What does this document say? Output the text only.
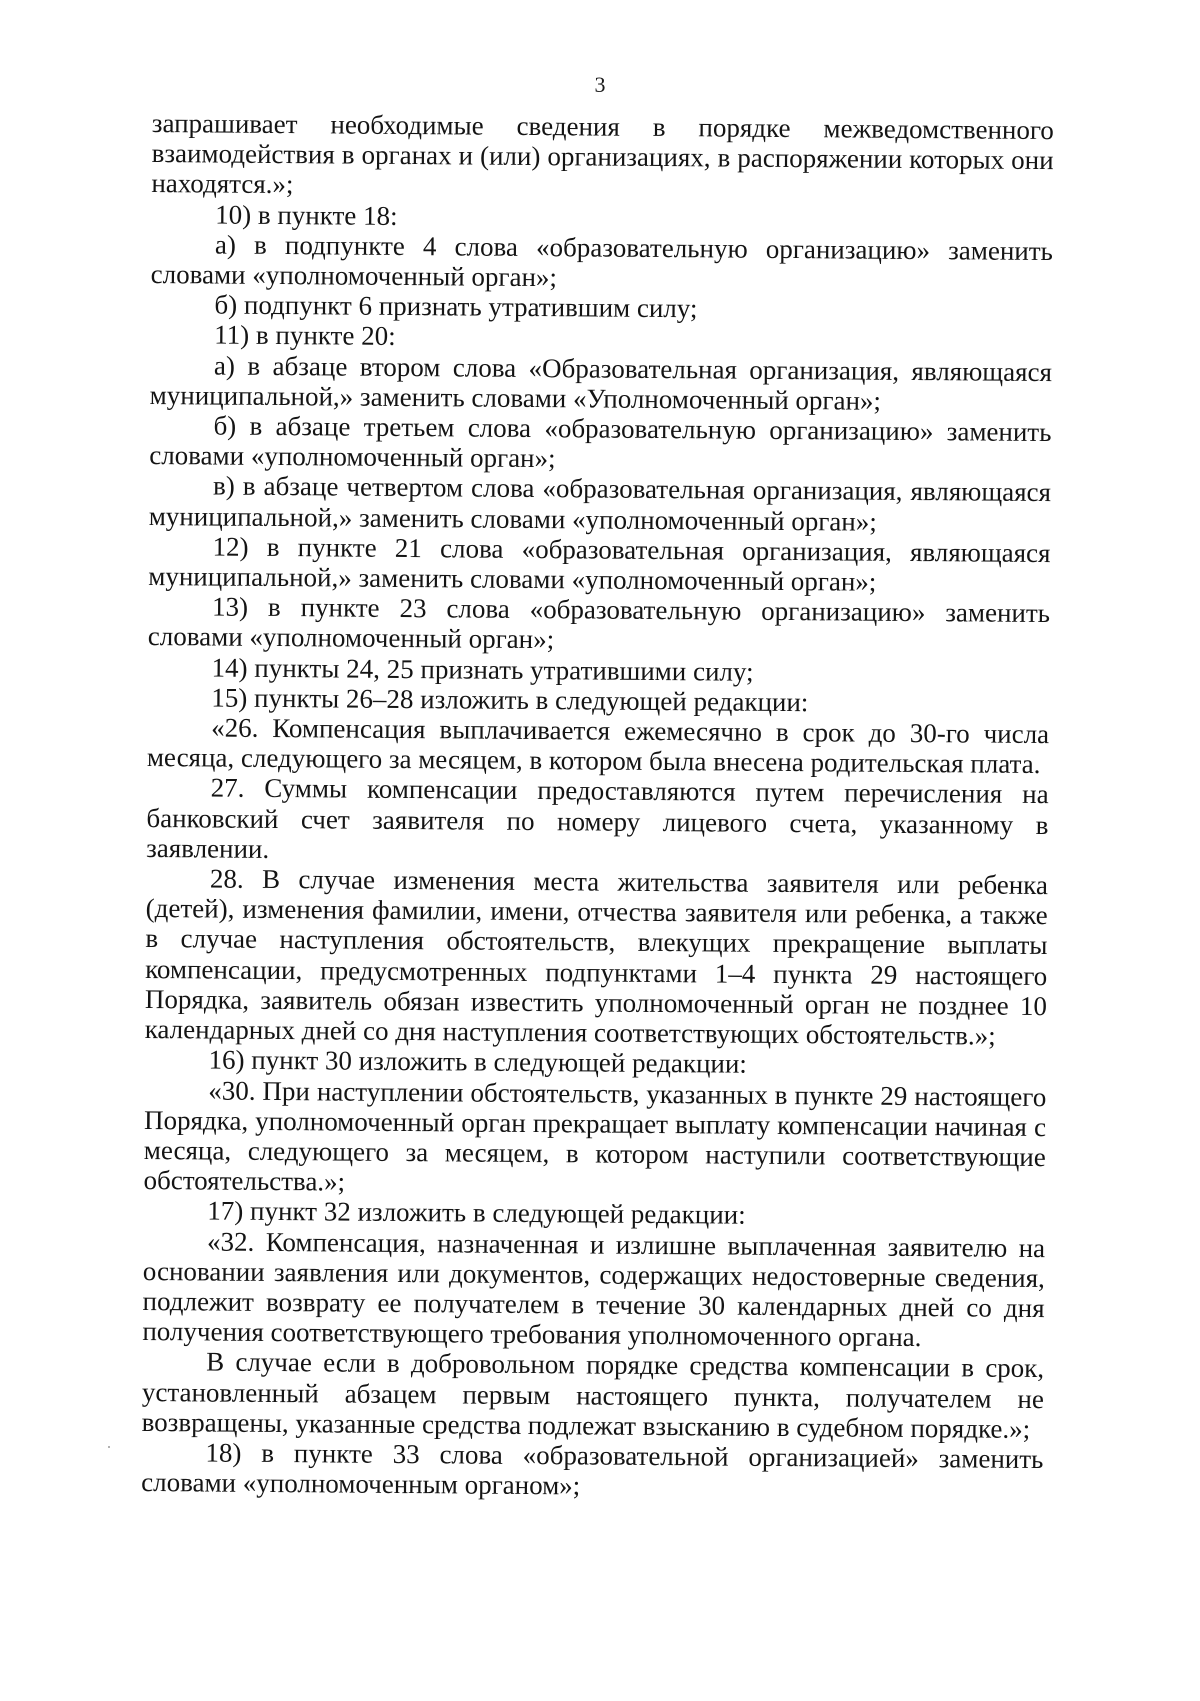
3

запрашивает необходимые сведения в порядке межведомственного взаимодействия в органах и (или) организациях, в распоряжении которых они находятся.»;

10) в пункте 18:

а) в подпункте 4 слова «образовательную организацию» заменить словами «уполномоченный орган»;

б) подпункт 6 признать утратившим силу;

11) в пункте 20:

а) в абзаце втором слова «Образовательная организация, являющаяся муниципальной,» заменить словами «Уполномоченный орган»;

б) в абзаце третьем слова «образовательную организацию» заменить словами «уполномоченный орган»;

в) в абзаце четвертом слова «образовательная организация, являющаяся муниципальной,» заменить словами «уполномоченный орган»;

12) в пункте 21 слова «образовательная организация, являющаяся муниципальной,» заменить словами «уполномоченный орган»;

13) в пункте 23 слова «образовательную организацию» заменить словами «уполномоченный орган»;

14) пункты 24, 25 признать утратившими силу;

15) пункты 26–28 изложить в следующей редакции:

«26. Компенсация выплачивается ежемесячно в срок до 30-го числа месяца, следующего за месяцем, в котором была внесена родительская плата.

27. Суммы компенсации предоставляются путем перечисления на банковский счет заявителя по номеру лицевого счета, указанному в заявлении.

28. В случае изменения места жительства заявителя или ребенка (детей), изменения фамилии, имени, отчества заявителя или ребенка, а также в случае наступления обстоятельств, влекущих прекращение выплаты компенсации, предусмотренных подпунктами 1–4 пункта 29 настоящего Порядка, заявитель обязан известить уполномоченный орган не позднее 10 календарных дней со дня наступления соответствующих обстоятельств.»;

16) пункт 30 изложить в следующей редакции:

«30. При наступлении обстоятельств, указанных в пункте 29 настоящего Порядка, уполномоченный орган прекращает выплату компенсации начиная с месяца, следующего за месяцем, в котором наступили соответствующие обстоятельства.»;

17) пункт 32 изложить в следующей редакции:

«32. Компенсация, назначенная и излишне выплаченная заявителю на основании заявления или документов, содержащих недостоверные сведения, подлежит возврату ее получателем в течение 30 календарных дней со дня получения соответствующего требования уполномоченного органа.

В случае если в добровольном порядке средства компенсации в срок, установленный абзацем первым настоящего пункта, получателем не возвращены, указанные средства подлежат взысканию в судебном порядке.»;

18) в пункте 33 слова «образовательной организацией» заменить словами «уполномоченным органом»;
